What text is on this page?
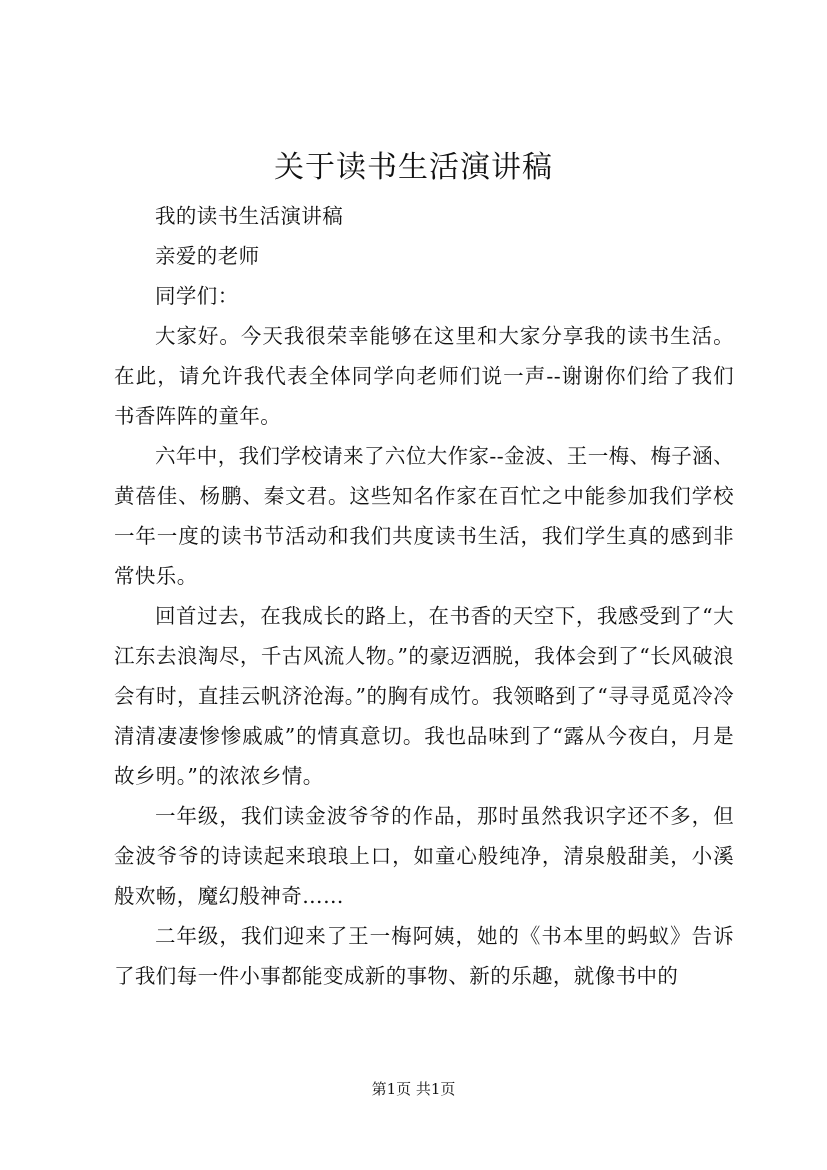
关于读书生活演讲稿

我的读书生活演讲稿

亲爱的老师

同学们：

大家好。今天我很荣幸能够在这里和大家分享我的读书生活。在此，请允许我代表全体同学向老师们说一声--谢谢你们给了我们书香阵阵的童年。

六年中，我们学校请来了六位大作家--金波、王一梅、梅子涵、黄蓓佳、杨鹏、秦文君。这些知名作家在百忙之中能参加我们学校一年一度的读书节活动和我们共度读书生活，我们学生真的感到非常快乐。

回首过去，在我成长的路上，在书香的天空下，我感受到了“大江东去浪淘尽，千古风流人物。”的豪迈洒脱，我体会到了“长风破浪会有时，直挂云帆济沧海。”的胸有成竹。我领略到了“寻寻觅觅冷冷清清凄凄惨惨戚戚”的情真意切。我也品味到了“露从今夜白，月是故乡明。”的浓浓乡情。

一年级，我们读金波爷爷的作品，那时虽然我识字还不多，但金波爷爷的诗读起来琅琅上口，如童心般纯净，清泉般甜美，小溪般欢畅，魔幻般神奇……

二年级，我们迎来了王一梅阿姨，她的《书本里的蚂蚁》告诉了我们每一件小事都能变成新的事物、新的乐趣，就像书中的

第1页 共1页
